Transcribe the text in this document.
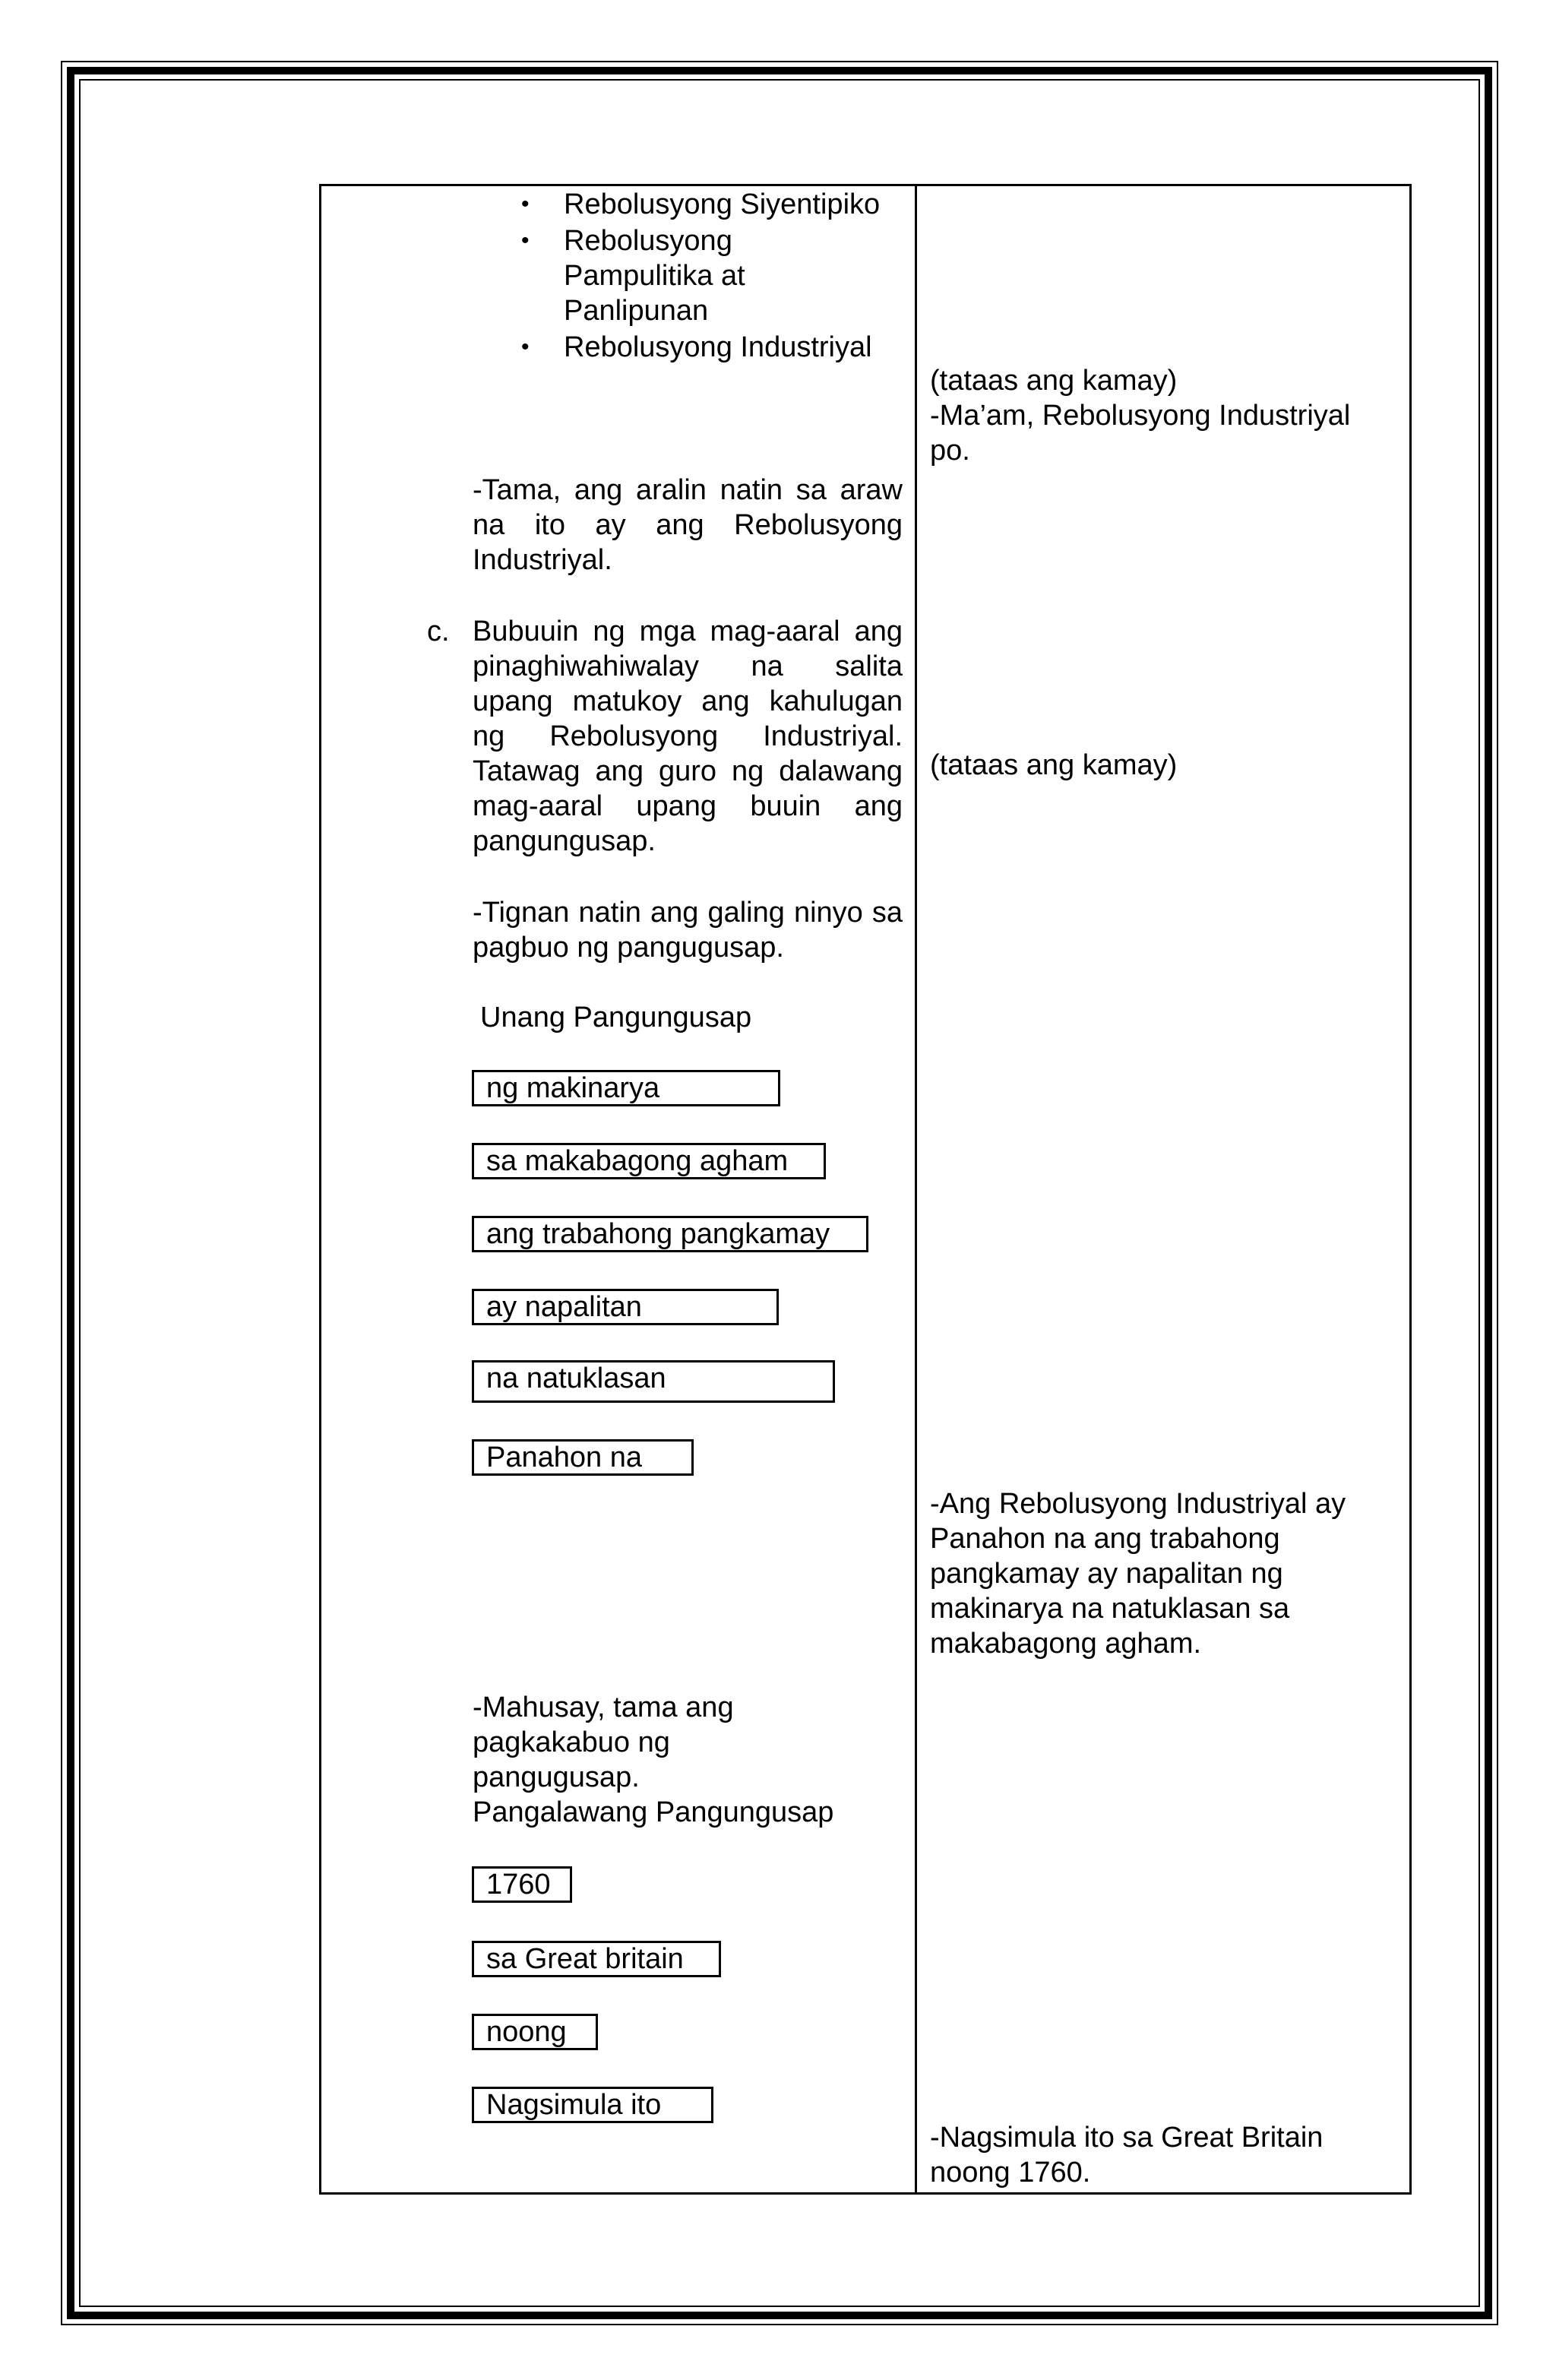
• Rebolusyong Siyentipiko
• Rebolusyong Pampulitika at Panlipunan
• Rebolusyong Industriyal
-Tama, ang aralin natin sa araw na ito ay ang Rebolusyong Industriyal.
c. Bubuuin ng mga mag-aaral ang pinaghiwahiwalay na salita upang matukoy ang kahulugan ng Rebolusyong Industriyal. Tatawag ang guro ng dalawang mag-aaral upang buuin ang pangungusap.
-Tignan natin ang galing ninyo sa pagbuo ng pangugusap.
Unang Pangungusap
ng makinarya
sa makabagong agham
ang trabahong pangkamay
ay napalitan
na natuklasan
Panahon na
-Mahusay, tama ang pagkakabuo ng pangugusap.
Pangalawang Pangungusap
1760
sa Great britain
noong
Nagsimula ito
(tataas ang kamay)
-Ma’am, Rebolusyong Industriyal po.
(tataas ang kamay)
-Ang Rebolusyong Industriyal ay Panahon na ang trabahong pangkamay ay napalitan ng makinarya na natuklasan sa makabagong agham.
-Nagsimula ito sa Great Britain noong 1760.
